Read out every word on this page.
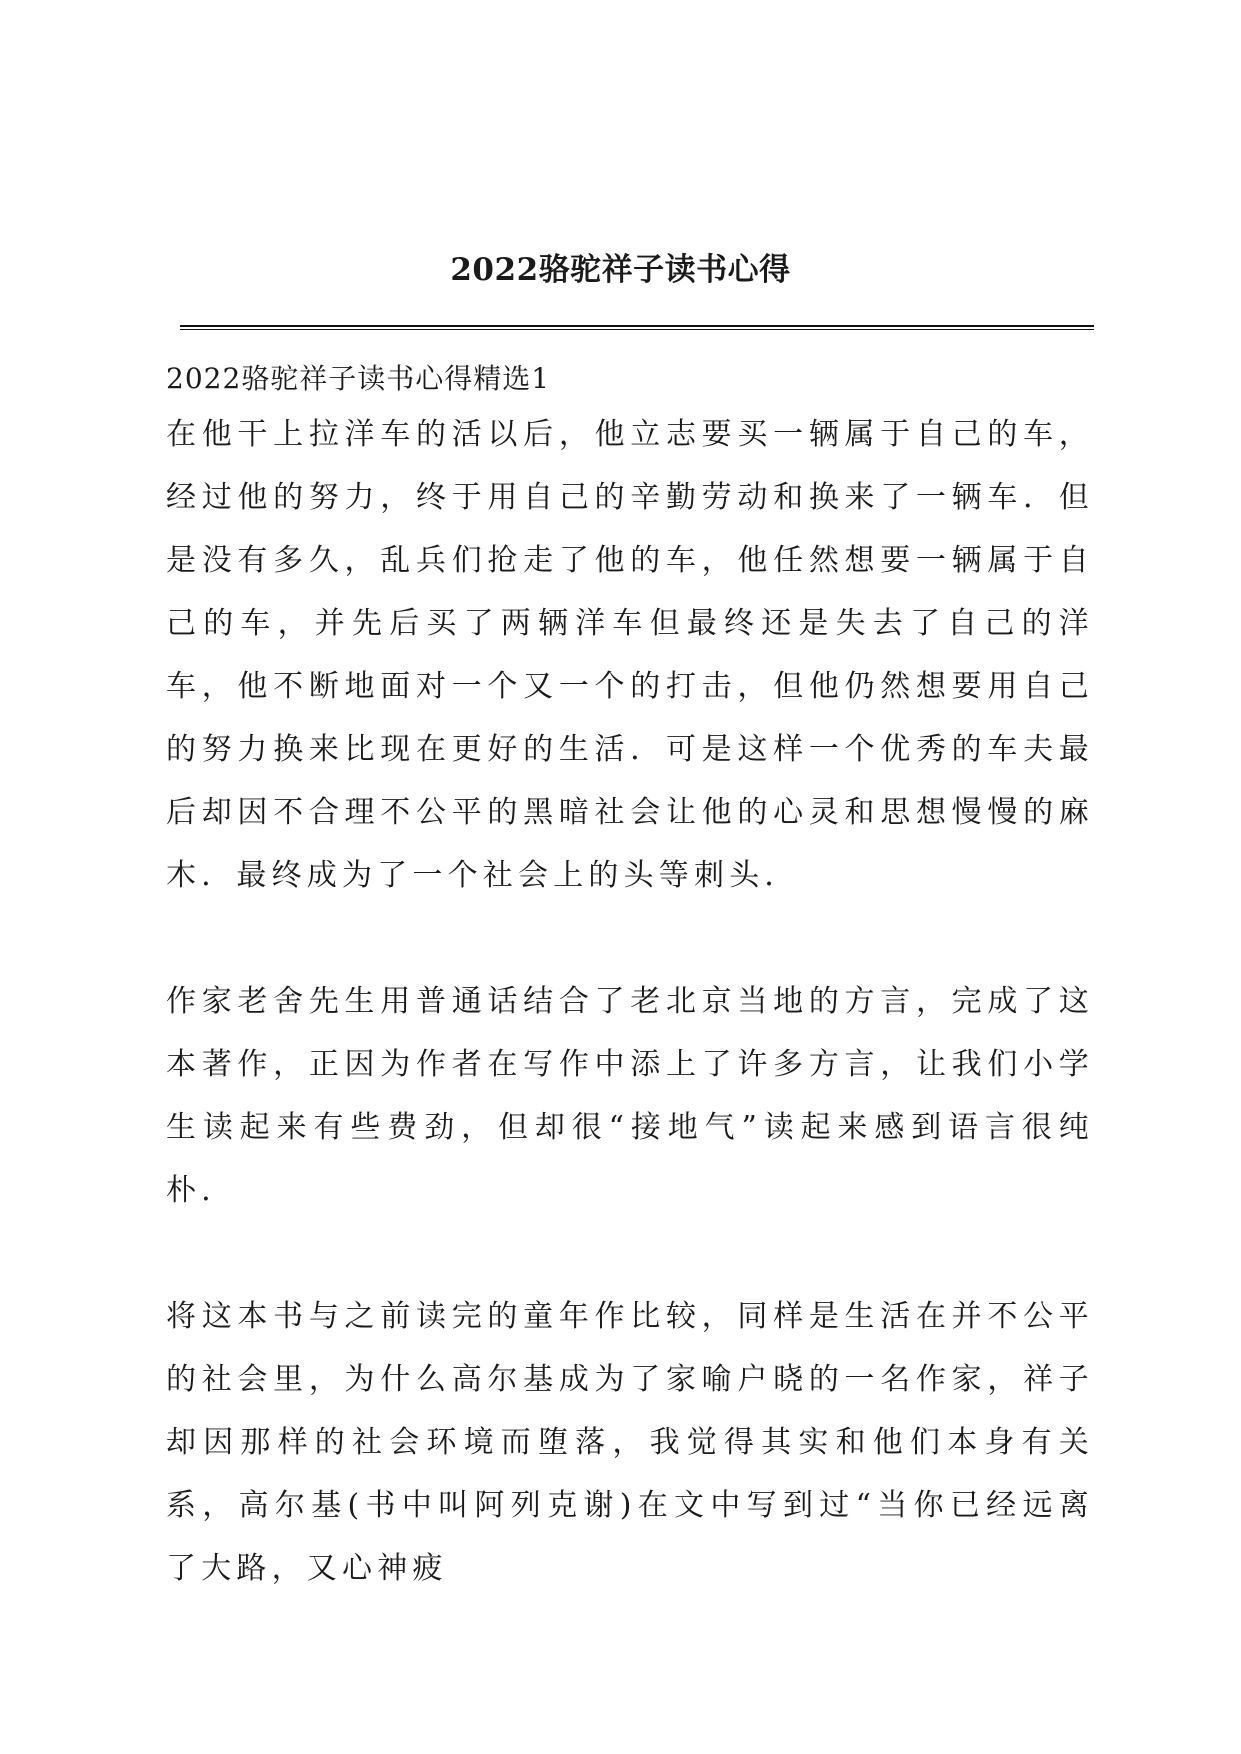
2022骆驼祥子读书心得
2022骆驼祥子读书心得精选1

在他干上拉洋车的活以后，他立志要买一辆属于自己的车，经过他的努力，终于用自己的辛勤劳动和换来了一辆车．但是没有多久，乱兵们抢走了他的车，他任然想要一辆属于自己的车，并先后买了两辆洋车但最终还是失去了自己的洋车，他不断地面对一个又一个的打击，但他仍然想要用自己的努力换来比现在更好的生活．可是这样一个优秀的车夫最后却因不合理不公平的黑暗社会让他的心灵和思想慢慢的麻木．最终成为了一个社会上的头等刺头．

作家老舍先生用普通话结合了老北京当地的方言，完成了这本著作，正因为作者在写作中添上了许多方言，让我们小学生读起来有些费劲，但却很“接地气”读起来感到语言很纯朴．

将这本书与之前读完的童年作比较，同样是生活在并不公平的社会里，为什么高尔基成为了家喻户晓的一名作家，祥子却因那样的社会环境而堕落，我觉得其实和他们本身有关系，高尔基(书中叫阿列克谢)在文中写到过“当你已经远离了大路，又心神疲
